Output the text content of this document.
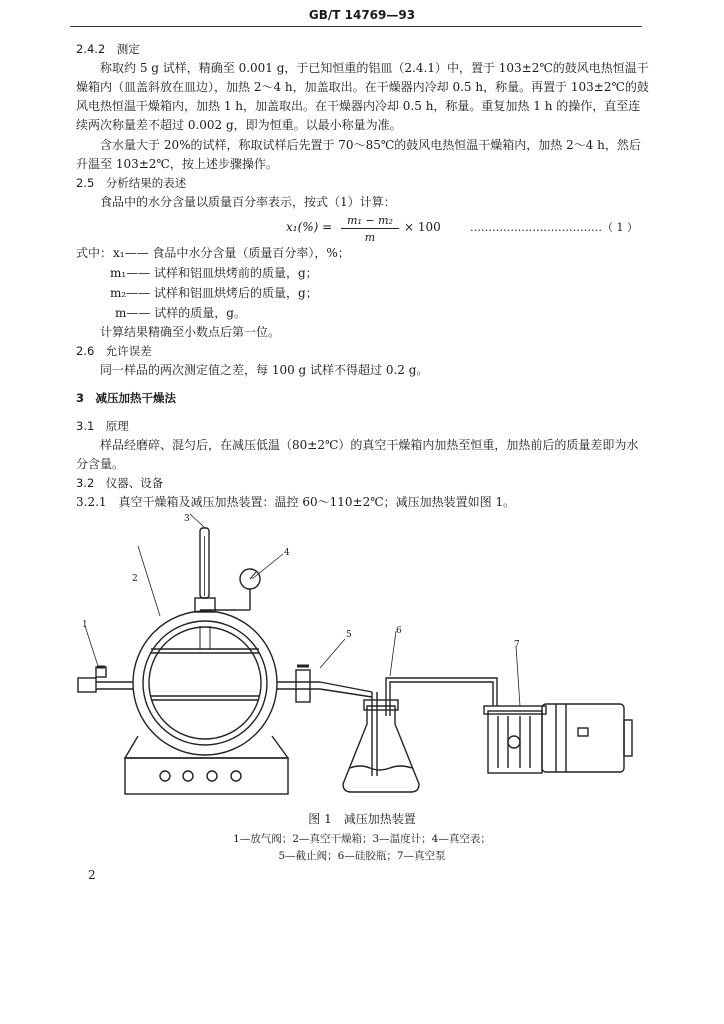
GB/T 14769—93
2.4.2　测定
称取约 5 g 试样，精确至 0.001 g，于已知恒重的铝皿（2.4.1）中，置于 103±2℃的鼓风电热恒温干
燥箱内（皿盖斜放在皿边），加热 2～4 h，加盖取出。在干燥器内冷却 0.5 h，称量。再置于 103±2℃的鼓
风电热恒温干燥箱内，加热 1 h，加盖取出。在干燥器内冷却 0.5 h，称量。重复加热 1 h 的操作，直至连
续两次称量差不超过 0.002 g，即为恒重。以最小称量为准。
含水量大于 20%的试样，称取试样后先置于 70～85℃的鼓风电热恒温干燥箱内，加热 2～4 h，然后
升温至 103±2℃，按上述步骤操作。
2.5　分析结果的表述
食品中的水分含量以质量百分率表示，按式（1）计算：
x₁(%) =	m₁ − m₂
m
× 100	………………………………（ 1 ）
式中： x₁—— 食品中水分含量（质量百分率），%；
m₁—— 试样和铝皿烘烤前的质量，g；
m₂—— 试样和铝皿烘烤后的质量，g；
m—— 试样的质量，g。
计算结果精确至小数点后第一位。
2.6　允许误差
同一样品的两次测定值之差，每 100 g 试样不得超过 0.2 g。
3　减压加热干燥法
3.1　原理
样品经磨碎、混匀后，在减压低温（80±2℃）的真空干燥箱内加热至恒重，加热前后的质量差即为水
分含量。
3.2　仪器、设备
3.2.1　真空干燥箱及减压加热装置：温控 60～110±2℃；减压加热装置如图 1。
1
2
3
4
5	6
7
图 1　减压加热装置
1—放气阀；2—真空干燥箱；3—温度计；4—真空表；
5—截止阀；6—硅胶瓶；7—真空泵
2
